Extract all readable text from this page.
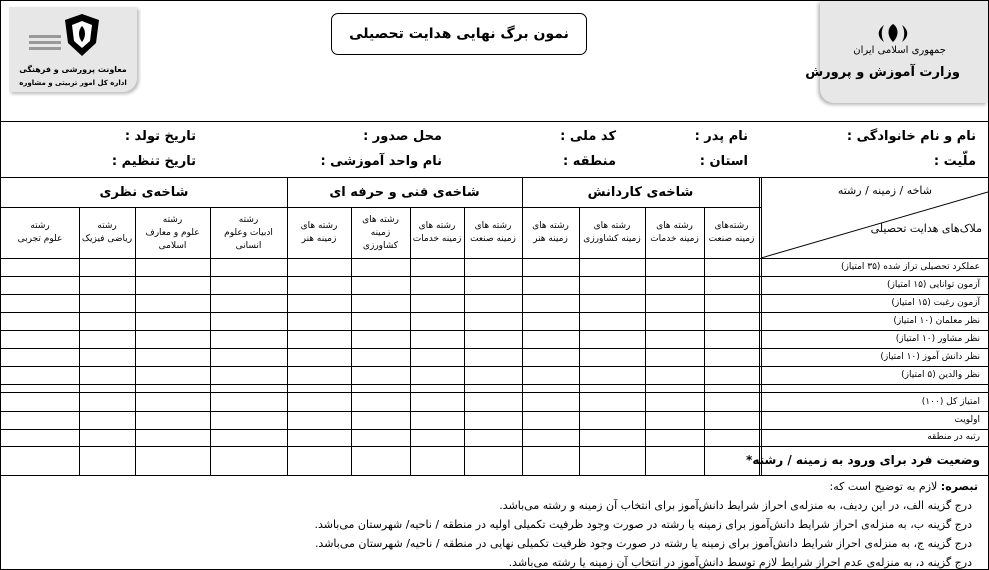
جمهوری اسلامی ایران
وزارت آموزش و پرورش
نمون برگ نهایی هدایت تحصیلی
معاونت پرورشی و فرهنگی
اداره کل امور تربیتی و مشاوره
نام و نام خانوادگی :
نام پدر :
کد ملی :
محل صدور :
تاریخ تولد :
ملّیت :
استان :
منطقه :
نام واحد آموزشی :
تاریخ تنظیم :
شاخه / زمینه / رشته
ملاک‌های هدایت تحصیلی
شاخه‌ی کاردانش
شاخه‌ی فنی و حرفه ای
شاخه‌ی نظری
رشته‌های
زمینه صنعت
رشته های
زمینه خدمات
رشته های
زمینه کشاورزی
رشته های
زمینه هنر
رشته های
زمینه صنعت
رشته های
زمینه خدمات
رشته های
زمینه
کشاورزی
رشته های
زمینه هنر
رشته
ادبیات وعلوم انسانی
رشته
علوم و معارف
اسلامی
رشته
ریاضی فیزیک
رشته
علوم تجربی
عملکرد تحصیلی تراز شده (۳۵ امتیاز)
آزمون توانایی (۱۵ امتیاز)
آزمون رغبت (۱۵ امتیاز)
نظر معلمان (۱۰ امتیاز)
نظر مشاور (۱۰ امتیاز)
نظر دانش آموز (۱۰ امتیاز)
نظر والدین (۵ امتیاز)
امتیاز کل (۱۰۰)
اولویت
رتبه در منطقه
*وضعیت فرد برای ورود به زمینه / رشته
تبصره: لازم به توضیح است که:
درج گزینه الف، در این ردیف، به منزله‌ی احراز شرایط دانش‌آموز برای انتخاب آن زمینه و رشته می‌باشد.
درج گزینه ب، به منزله‌ی احراز شرایط دانش‌آموز برای زمینه یا رشته در صورت وجود ظرفیت تکمیلی اولیه در منطقه / ناحیه/ شهرستان می‌باشد.
درج گزینه ج، به منزله‌ی احراز شرایط دانش‌آموز برای زمینه یا رشته در صورت وجود ظرفیت تکمیلی نهایی در منطقه / ناحیه/ شهرستان می‌باشد.
درج گزینه د، به منزله‌ی عدم احراز شرایط لازم توسط دانش‌آموز در انتخاب آن زمینه یا رشته می‌باشد.
